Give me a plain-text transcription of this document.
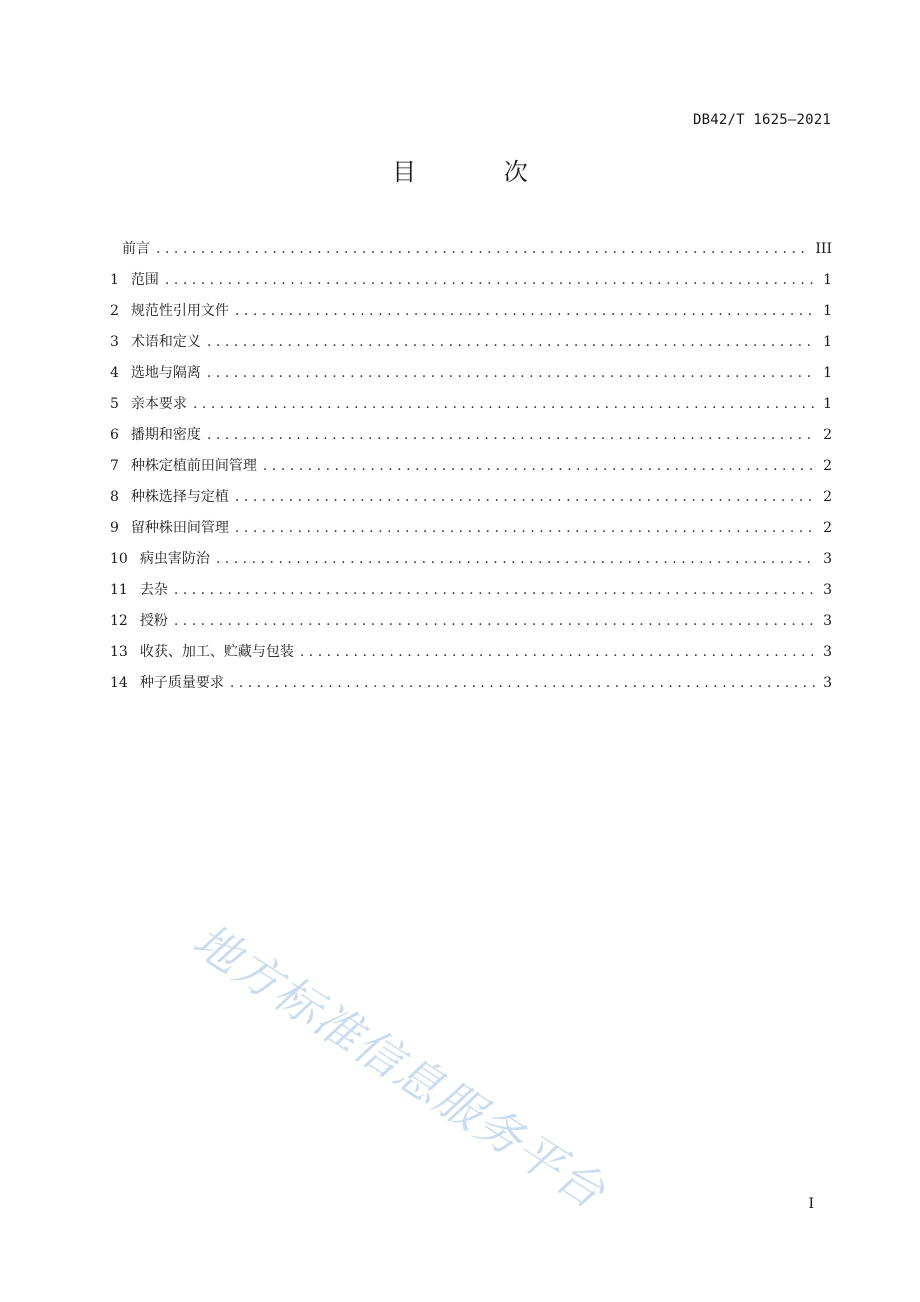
DB42/T 1625—2021
目 次
前言 .....	III
1 范围 .....	1
2 规范性引用文件 .....	1
3 术语和定义 .....	1
4 选地与隔离 .....	1
5 亲本要求 .....	1
6 播期和密度 .....	2
7 种株定植前田间管理 .....	2
8 种株选择与定植 .....	2
9 留种株田间管理 .....	2
10 病虫害防治 .....	3
11 去杂 .....	3
12 授粉 .....	3
13 收获、加工、贮藏与包装 .....	3
14 种子质量要求 .....	3
地方标准信息服务平台	I
